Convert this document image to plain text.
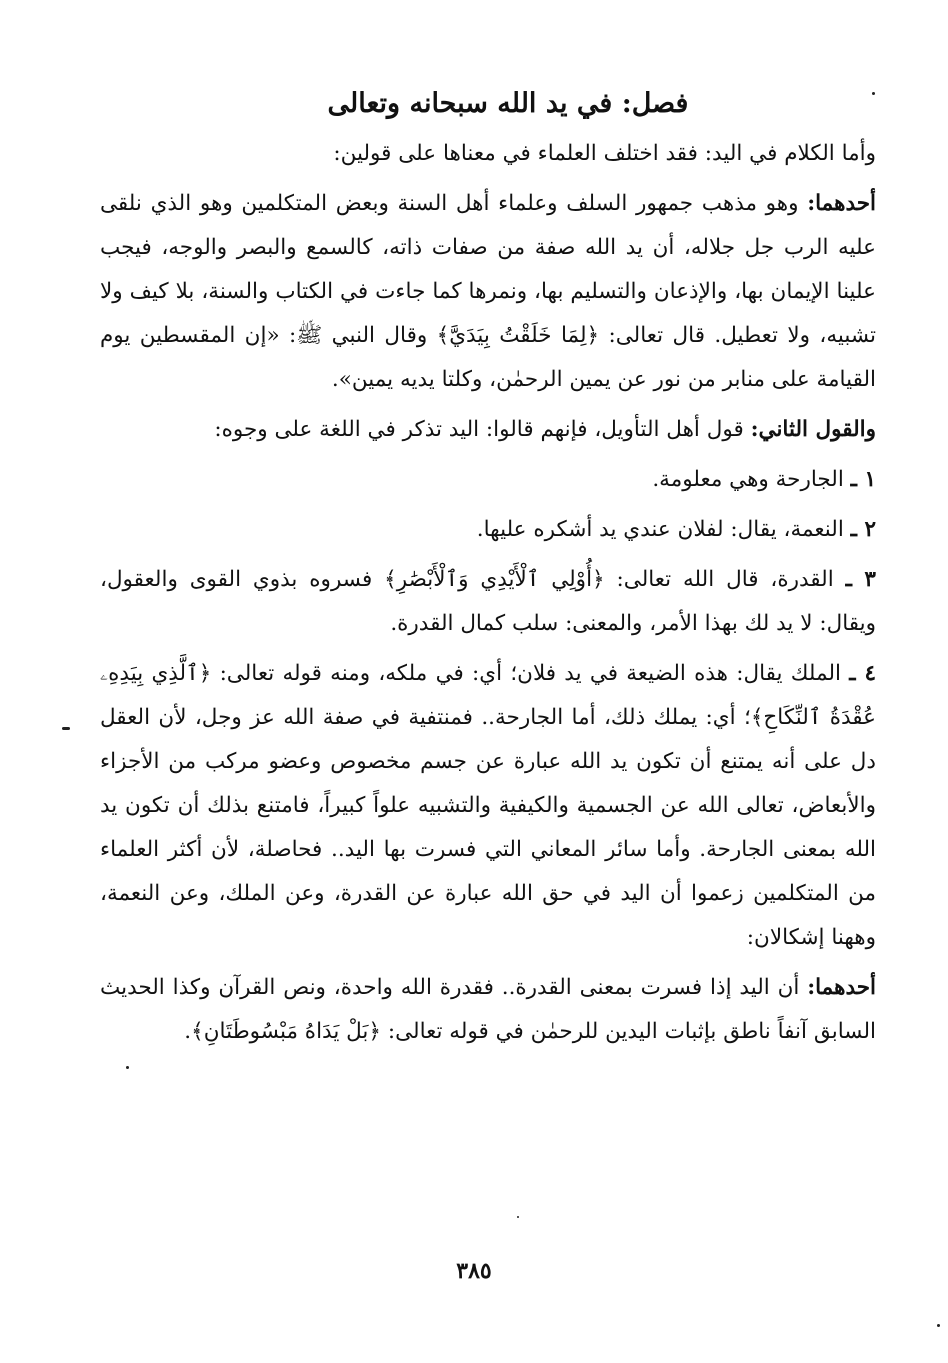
فصل: في يد الله سبحانه وتعالى

وأما الكلام في اليد: فقد اختلف العلماء في معناها على قولين:

أحدهما: وهو مذهب جمهور السلف وعلماء أهل السنة وبعض المتكلمين وهو الذي نلقى عليه الرب جل جلاله، أن يد الله صفة من صفات ذاته، كالسمع والبصر والوجه، فيجب علينا الإيمان بها، والإذعان والتسليم بها، ونمرها كما جاءت في الكتاب والسنة، بلا كيف ولا تشبيه، ولا تعطيل. قال تعالى: ﴿لِمَا خَلَقْتُ بِيَدَيَّ﴾ وقال النبي ﷺ: «إن المقسطين يوم القيامة على منابر من نور عن يمين الرحمٰن، وكلتا يديه يمين».

والقول الثاني: قول أهل التأويل، فإنهم قالوا: اليد تذكر في اللغة على وجوه:

١ ـ الجارحة وهي معلومة.

٢ ـ النعمة، يقال: لفلان عندي يد أشكره عليها.

٣ ـ القدرة، قال الله تعالى: ﴿أُوْلِي ٱلْأَيْدِي وَٱلْأَبْصَٰرِ﴾ فسروه بذوي القوى والعقول، ويقال: لا يد لك بهذا الأمر، والمعنى: سلب كمال القدرة.

٤ ـ الملك يقال: هذه الضيعة في يد فلان؛ أي: في ملكه، ومنه قوله تعالى: ﴿ٱلَّذِي بِيَدِهِۦ عُقْدَةُ ٱلنِّكَاحِ﴾؛ أي: يملك ذلك، أما الجارحة.. فمنتفية في صفة الله عز وجل، لأن العقل دل على أنه يمتنع أن تكون يد الله عبارة عن جسم مخصوص وعضو مركب من الأجزاء والأبعاض، تعالى الله عن الجسمية والكيفية والتشبيه علواً كبيراً، فامتنع بذلك أن تكون يد الله بمعنى الجارحة. وأما سائر المعاني التي فسرت بها اليد.. فحاصلة، لأن أكثر العلماء من المتكلمين زعموا أن اليد في حق الله عبارة عن القدرة، وعن الملك، وعن النعمة، وههنا إشكالان:

أحدهما: أن اليد إذا فسرت بمعنى القدرة.. فقدرة الله واحدة، ونص القرآن وكذا الحديث السابق آنفاً ناطق بإثبات اليدين للرحمٰن في قوله تعالى: ﴿بَلْ يَدَاهُ مَبْسُوطَتَانِ﴾.

٣٨٥
